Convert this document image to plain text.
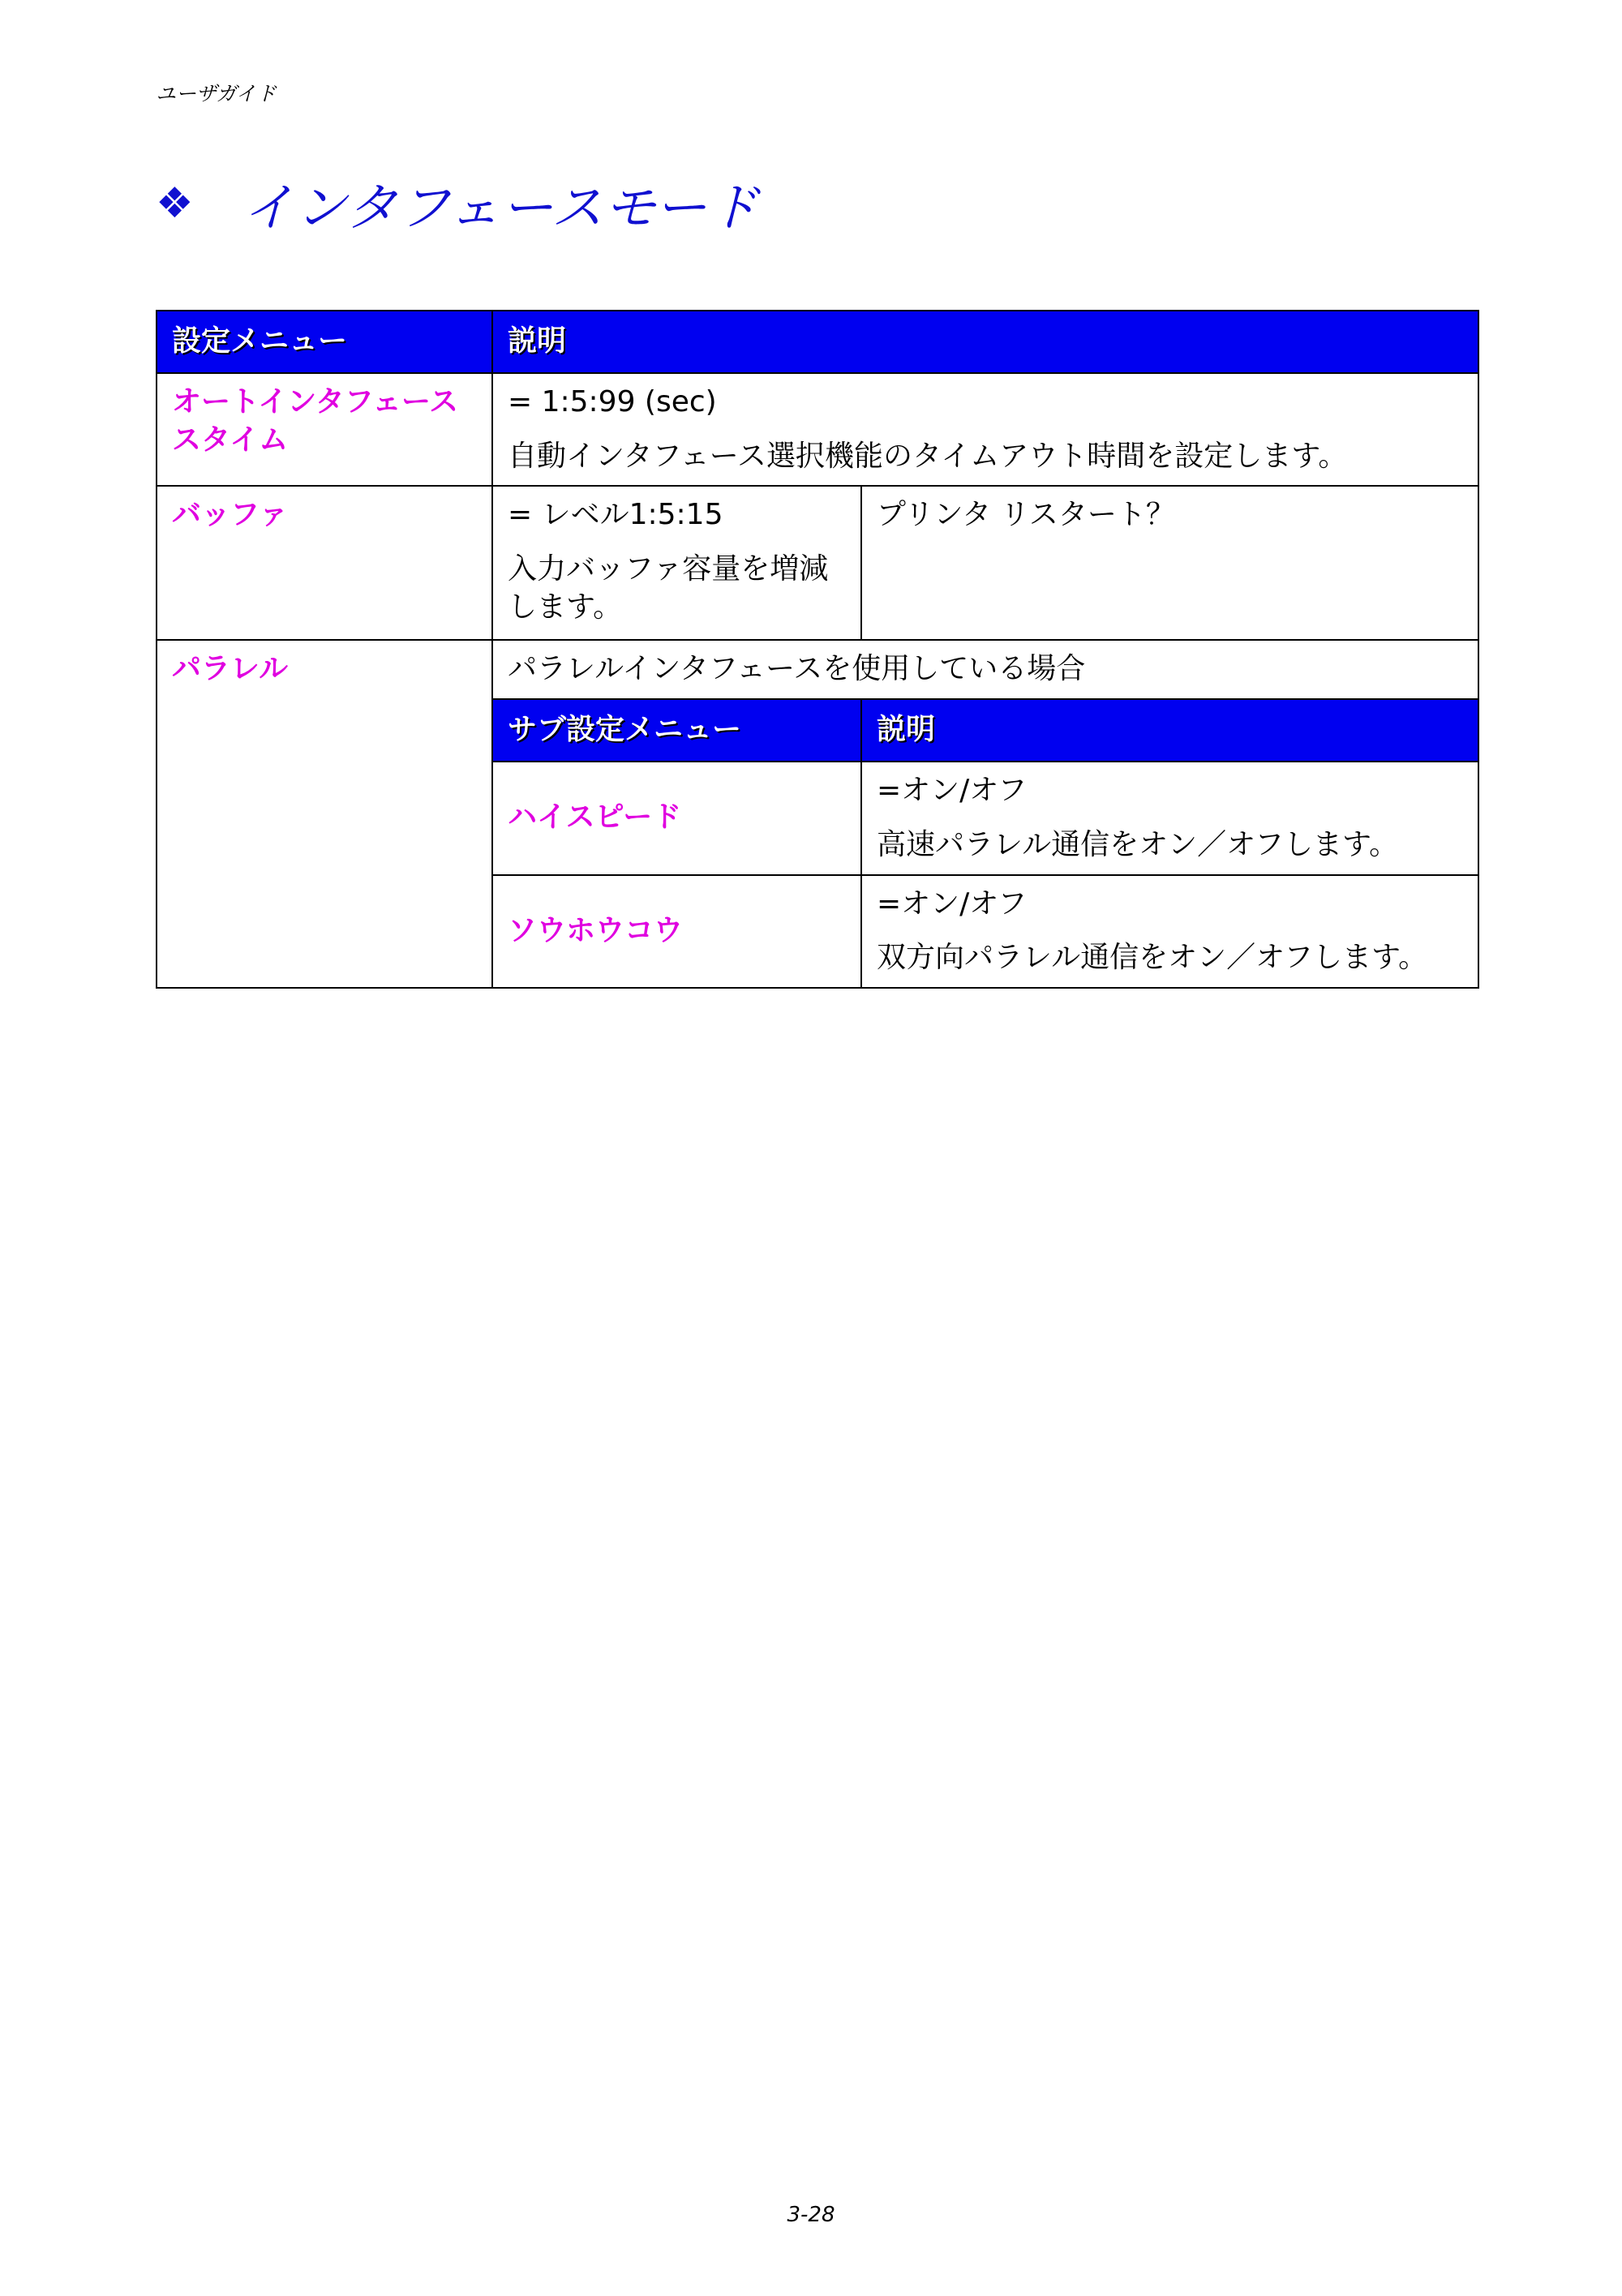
ユーザガイド
❖ インタフェースモード
設定メニュー	説明	
オートインタフェーススタイム	= 1:5:99 (sec)
自動インタフェース選択機能のタイムアウト時間を設定します。	

バッファ	= レベル1:5:15
入力バッファ容量を増減します。	プリンタ リスタート？
パラレル	パラレルインタフェースを使用している場合	
	サブ設定メニュー	説明
	ハイスピード	=オン/オフ
高速パラレル通信をオン／オフします。

	ソウホウコウ	=オン/オフ
双方向パラレル通信をオン／オフします。
3-28
